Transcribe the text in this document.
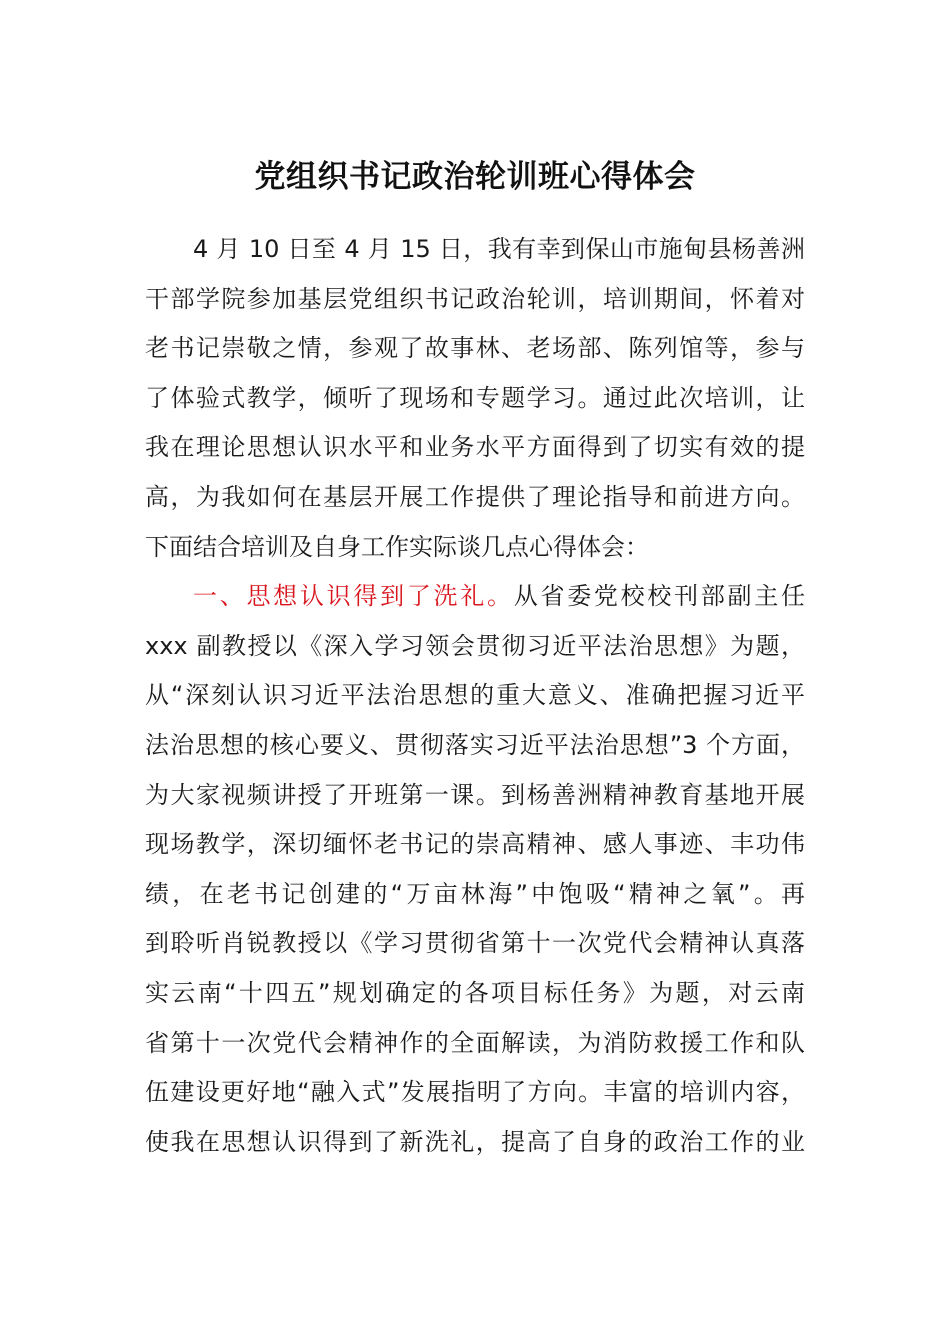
党组织书记政治轮训班心得体会
4 月 10 日至 4 月 15 日，我有幸到保山市施甸县杨善洲
干部学院参加基层党组织书记政治轮训，培训期间，怀着对
老书记崇敬之情，参观了故事林、老场部、陈列馆等，参与
了体验式教学，倾听了现场和专题学习。通过此次培训，让
我在理论思想认识水平和业务水平方面得到了切实有效的提
高，为我如何在基层开展工作提供了理论指导和前进方向。
下面结合培训及自身工作实际谈几点心得体会：
一、思想认识得到了洗礼。从省委党校校刊部副主任
xxx 副教授以《深入学习领会贯彻习近平法治思想》为题，
从“深刻认识习近平法治思想的重大意义、准确把握习近平
法治思想的核心要义、贯彻落实习近平法治思想”3 个方面，
为大家视频讲授了开班第一课。到杨善洲精神教育基地开展
现场教学，深切缅怀老书记的崇高精神、感人事迹、丰功伟
绩，在老书记创建的“万亩林海”中饱吸“精神之氧”。再
到聆听肖锐教授以《学习贯彻省第十一次党代会精神认真落
实云南“十四五”规划确定的各项目标任务》为题，对云南
省第十一次党代会精神作的全面解读，为消防救援工作和队
伍建设更好地“融入式”发展指明了方向。丰富的培训内容，
使我在思想认识得到了新洗礼，提高了自身的政治工作的业
